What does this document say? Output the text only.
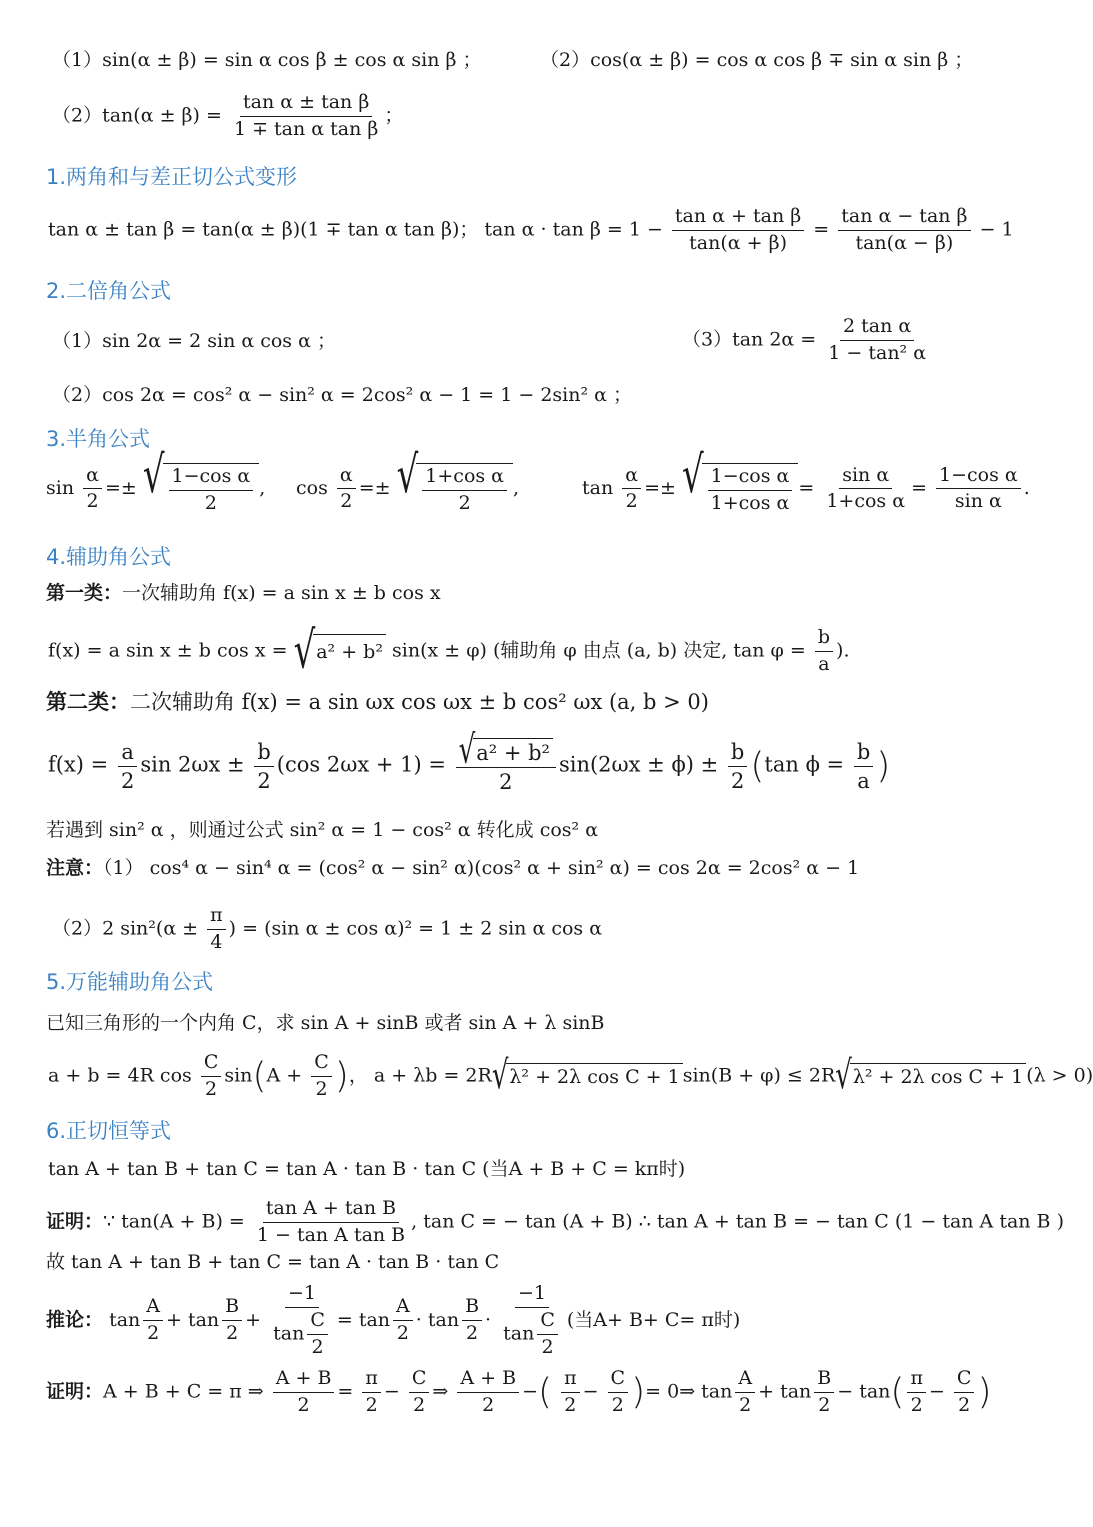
（1）sin(α ± β) = sin α cos β ± cos α sin β ；	（2）cos(α ± β) = cos α cos β ∓ sin α sin β ；
$(2)\tan(\alpha \pm \beta) = \frac{\text{tan α ± tan β}}{\text{1 ∓ tan α tan β}}$ ；
1.两角和与差正切公式变形
tan α ± tan β = tan(α ± β)(1 ∓ tan α tan β)； $\tan \alpha \cdot \tan \beta = 1 - \frac{\text{tan α + tan β}}{\tan(\alpha + \beta)} = \frac{\text{tan α − tan β}}{\tan(\alpha - \beta)} - 1$
2.二倍角公式
（1）sin 2α = 2 sin α cos α ；	（3）tan $2\alpha = \frac{\text{2 tan α}}{\text{1 − tan² α}}$
（2）cos 2α = cos² α − sin² α = 2cos² α − 1 = 1 − 2sin² α ；
3.半角公式
$\sin \frac{\alpha}{2}$ =± √ $\frac{\text{1−cos α}}{2}$ , $\cos \frac{\alpha}{2}$ =± √ $\frac{\text{1+cos α}}{2}$ ,	$\tan \frac{\alpha}{2}$ =± √ $\frac{\text{1−cos α}}{\text{1+cos α}} = \frac{\text{sin α}}{\text{1+cos α}} = \frac{\text{1−cos α}}{\text{sin α}}$ .
4.辅助角公式
第一类：一次辅助角 f(x) = a sin x ± b cos x
f(x) = a sin x ± b cos x = √ a² + b² sin(x ± φ) (辅助角 φ 由点 (a, b) 决定, $\tan \varphi = \frac{b}{a}$ ).
第二类：二次辅助角 f(x) = a sin ωx cos ωx ± b cos² ωx (a, b > 0)
$f(x) = \frac{a}{2}$ $\sin 2\omega x \pm \frac{b}{2} (\cos$ $2\omega x + 1) = \frac{\text{√ a² + b²}}{2} \sin(2\omega x \pm \phi) \pm \frac{b}{2} (\tan$ $\phi = \frac{b}{a}$ )
若遇到 sin² α ，则通过公式 sin² α = 1 − cos² α 转化成 cos² α
注意：（1） cos⁴ α − sin⁴ α = (cos² α − sin² α)(cos² α + sin² α) = cos 2α = 2cos² α − 1
（2）2 $\sin^2(\alpha \pm \frac{\pi}{4}$ ) = (sin α ± cos α)² = 1 ± 2 sin α cos α
5.万能辅助角公式
已知三角形的一个内角 C，求 sin A + sinB 或者 sin A + λ sinB
a + b = 4R $\cos \frac{C}{2} \sin(A + \frac{C}{2}$ )， a + λb = 2R √ λ² + 2λ cos C + 1 sin(B + φ) ≤ 2R √ λ² + 2λ cos C + 1 (λ > 0)
6.正切恒等式
tan A + tan B + tan C = tan A · tan B · tan C (当A + B + C = kπ时)
证明：∵ $\tan(A + B) = \frac{\text{tan A + tan B}}{\text{1 − tan A tan B}}$ , tan C = − tan (A + B) ∴ tan A + tan B = − tan C (1 − tan A tan B )
故 tan A + tan B + tan C = tan A · tan B · tan C
推论： $\tan \frac{A}{2} + \tan \frac{B}{2} + \frac{-1}{\tan \frac{C}{2}} = \tan \frac{A}{2} \cdot \tan \frac{B}{2} \cdot \frac{-1}{\tan \frac{C}{2}}$ (当A+ B+ C= π时)
证明：A + B + C = π ⇒ $\frac{A + B}{2} = \frac{\pi}{2} - \frac{C}{2}$ ⇒ $\frac{A + B}{2}$ −( $\frac{\pi}{2} - \frac{C}{2}$ )= 0⇒ $\tan \frac{A}{2} + \tan \frac{B}{2} - \tan( \frac{\pi}{2} - \frac{C}{2}$ )
